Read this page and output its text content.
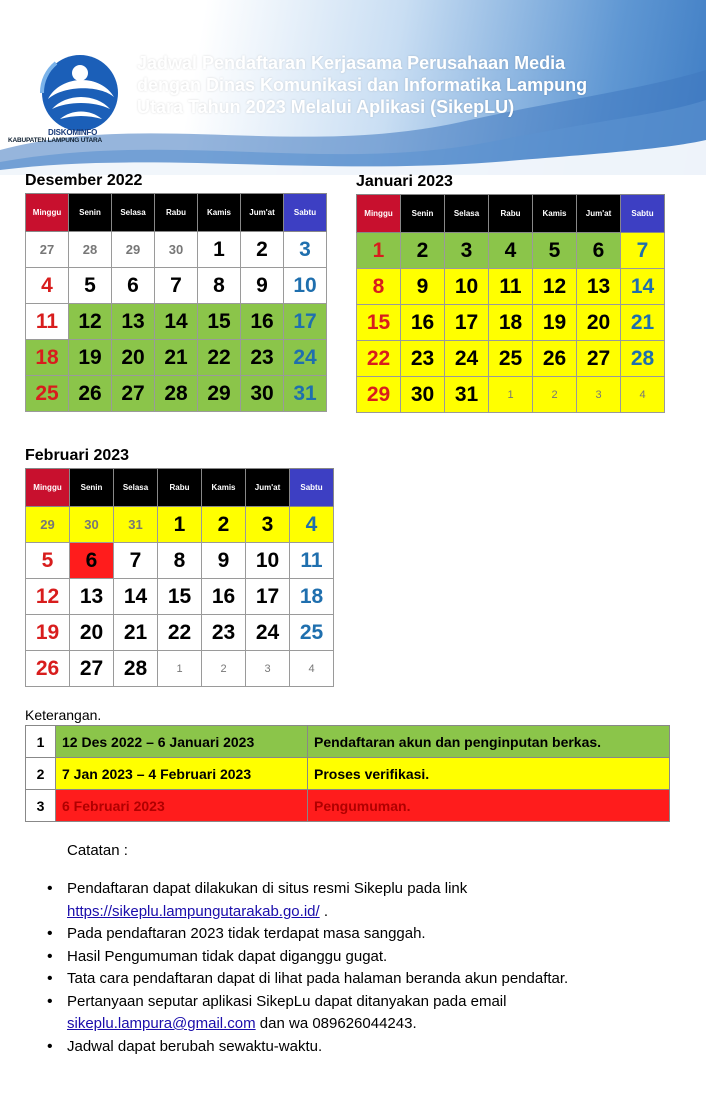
DISKOMINFO
KABUPATEN LAMPUNG UTARA
Jadwal Pendaftaran Kerjasama Perusahaan Media
dengan Dinas Komunikasi dan Informatika Lampung
Utara Tahun 2023 Melalui Aplikasi (SikepLU)
Desember 2022
Minggu	Senin	Selasa	Rabu	Kamis	Jum'at	Sabtu
27	28	29	30	1	2	3
4	5	6	7	8	9	10
11	12	13	14	15	16	17
18	19	20	21	22	23	24
25	26	27	28	29	30	31
Januari 2023
Minggu	Senin	Selasa	Rabu	Kamis	Jum'at	Sabtu
1	2	3	4	5	6	7
8	9	10	11	12	13	14
15	16	17	18	19	20	21
22	23	24	25	26	27	28
29	30	31	1	2	3	4
Februari 2023
Minggu	Senin	Selasa	Rabu	Kamis	Jum'at	Sabtu
29	30	31	1	2	3	4
5	6	7	8	9	10	11
12	13	14	15	16	17	18
19	20	21	22	23	24	25
26	27	28	1	2	3	4
Keterangan.
1	12 Des 2022 – 6 Januari 2023	Pendaftaran akun dan penginputan berkas.
2	7 Jan 2023 – 4 Februari 2023	Proses verifikasi.
3	6 Februari 2023	Pengumuman.
Catatan :
• Pendaftaran dapat dilakukan di situs resmi Sikeplu pada link
https://sikeplu.lampungutarakab.go.id/ .
• Pada pendaftaran 2023 tidak terdapat masa sanggah.
• Hasil Pengumuman tidak dapat diganggu gugat.
• Tata cara pendaftaran dapat di lihat pada halaman beranda akun pendaftar.
• Pertanyaan seputar aplikasi SikepLu dapat ditanyakan pada email
sikeplu.lampura@gmail.com dan wa 089626044243.
• Jadwal dapat berubah sewaktu-waktu.
